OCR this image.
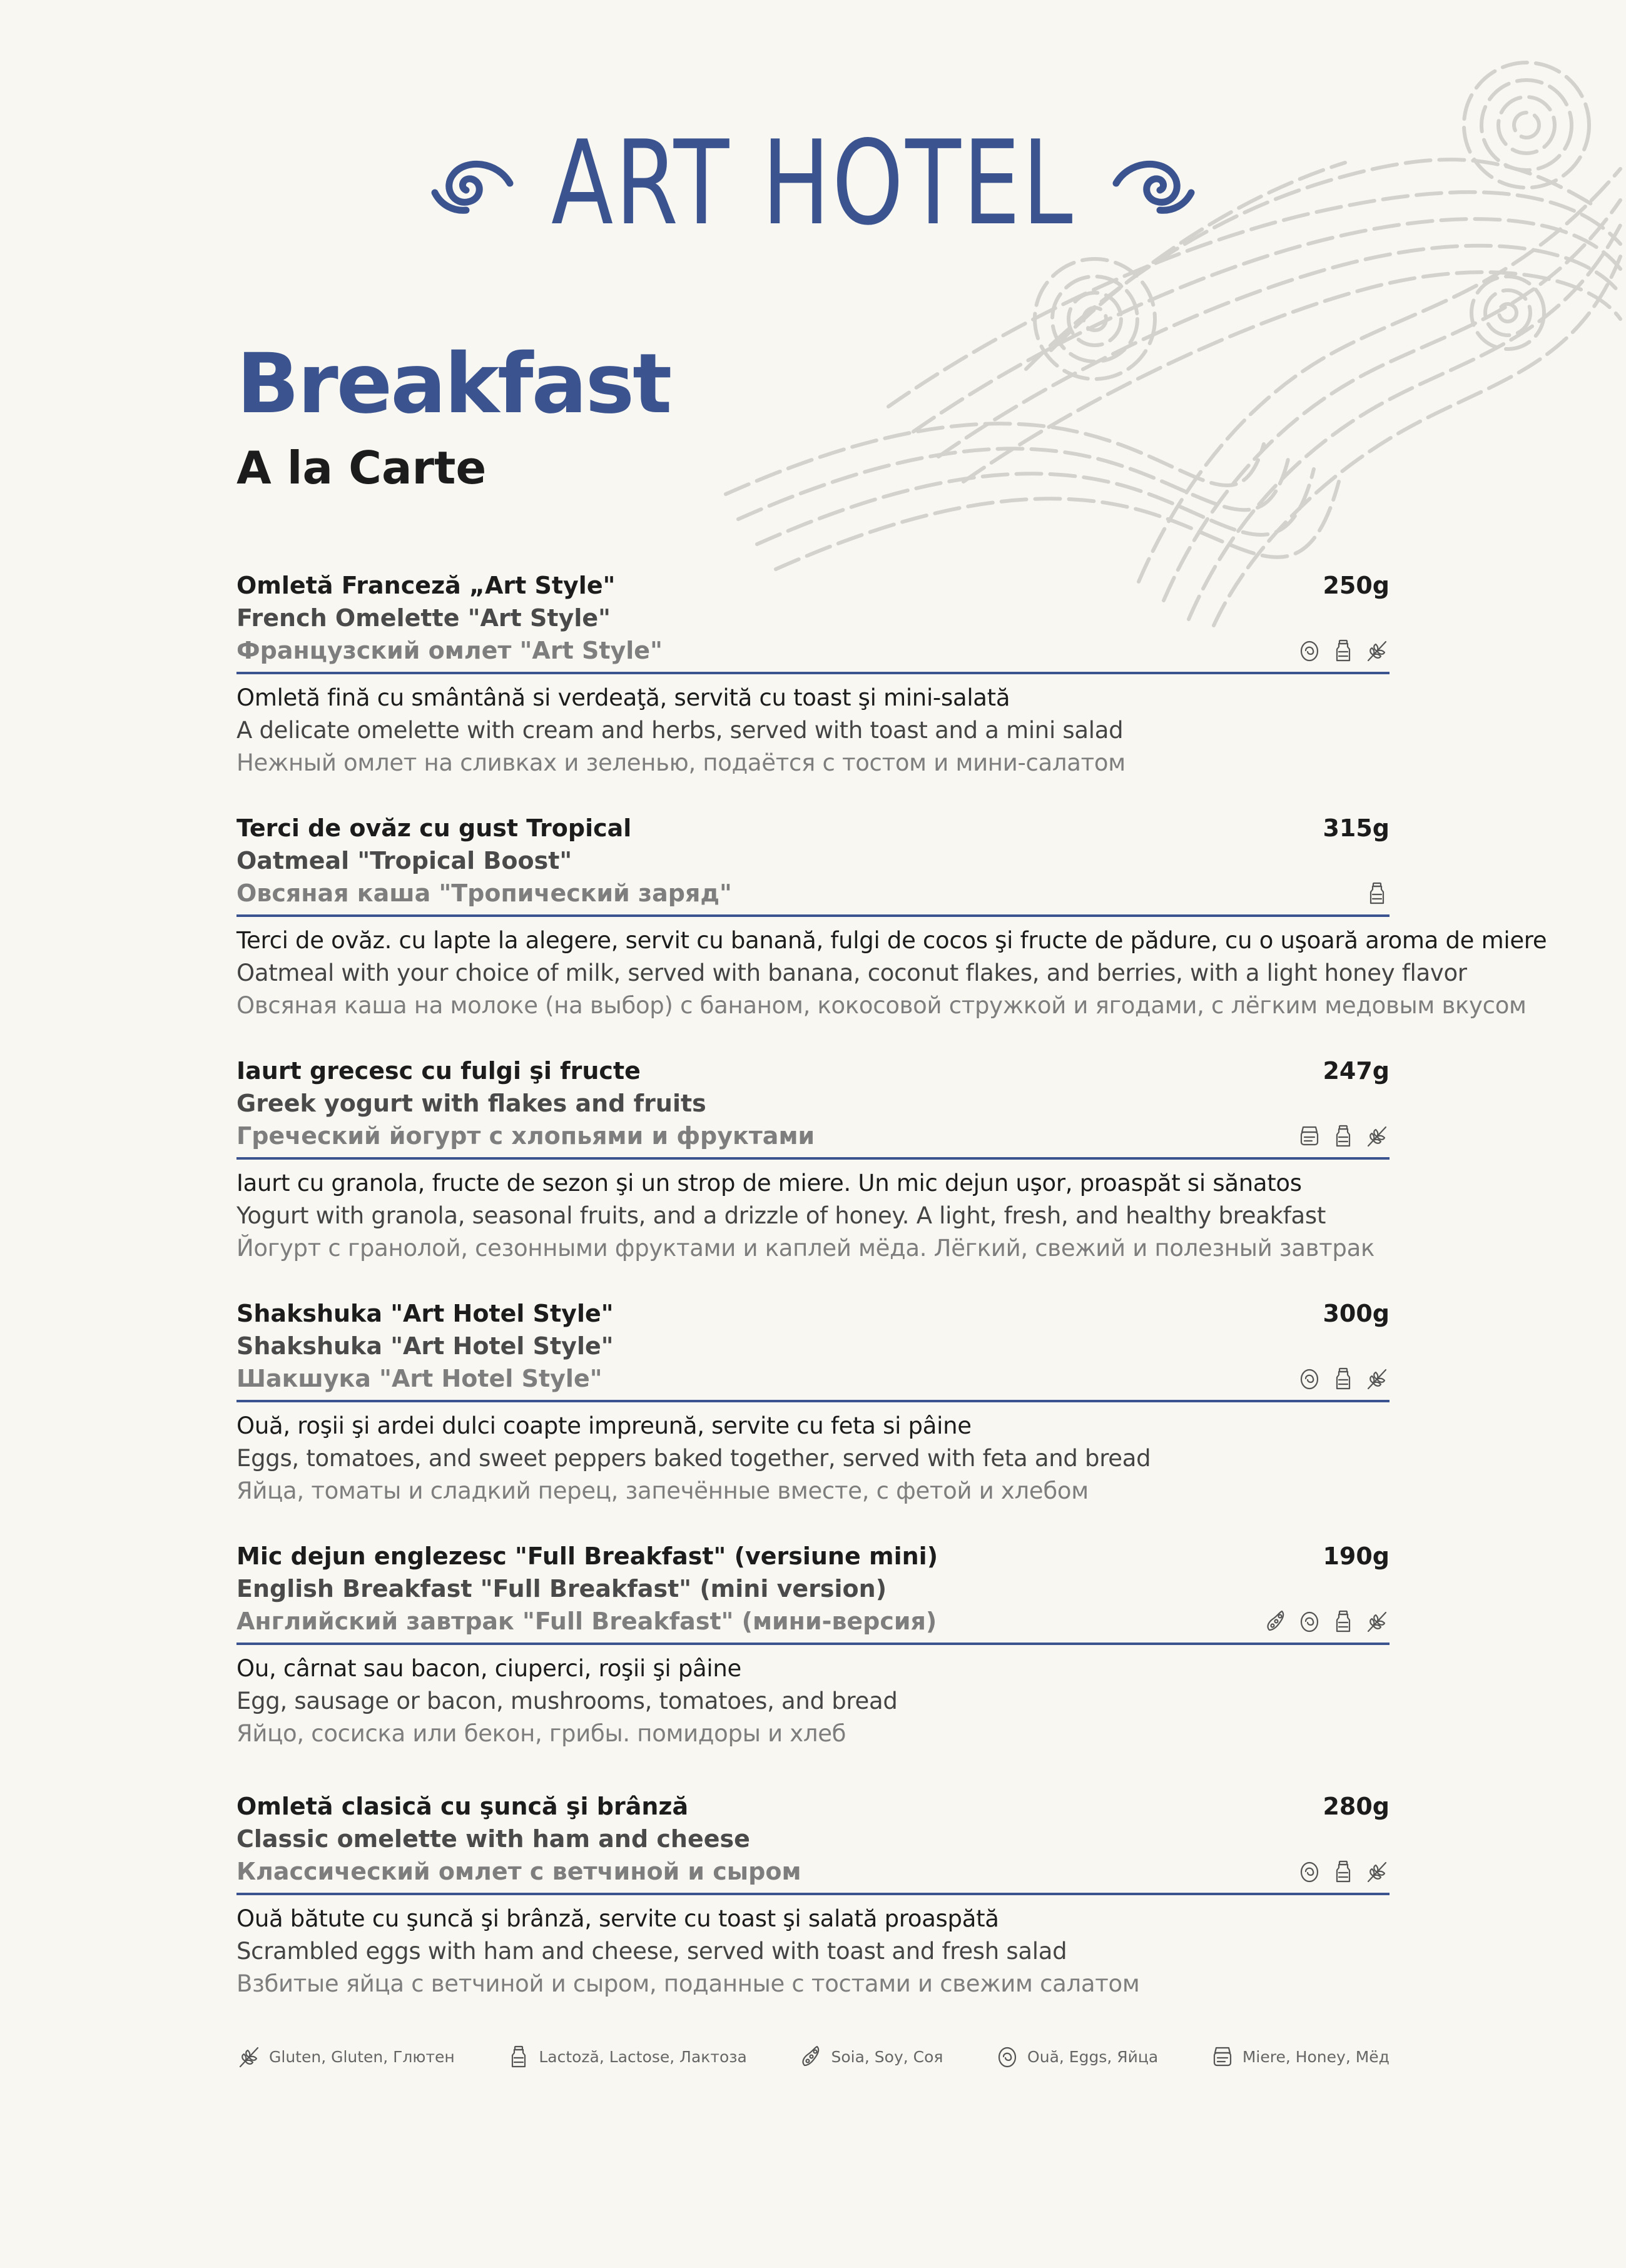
ART HOTEL
Breakfast
A la Carte
Omletă Franceză „Art Style"	250g
French Omelette "Art Style"
Французский омлет "Art Style"
Omletă fină cu smântână si verdeaţă, servită cu toast şi mini-salată
A delicate omelette with cream and herbs, served with toast and a mini salad
Нежный омлет на сливках и зеленью, подаётся с тостом и мини-салатом
Terci de ovăz cu gust Tropical	315g
Oatmeal "Tropical Boost"
Овсяная каша "Тропический заряд"
Terci de ovăz. cu lapte la alegere, servit cu banană, fulgi de cocos şi fructe de pădure, cu o uşoară aroma de miere
Oatmeal with your choice of milk, served with banana, coconut flakes, and berries, with a light honey flavor
Овсяная каша на молоке (на выбор) с бананом, кокосовой стружкой и ягодами, с лёгким медовым вкусом
Iaurt grecesc cu fulgi şi fructe	247g
Greek yogurt with flakes and fruits
Греческий йогурт с хлопьями и фруктами
Iaurt cu granola, fructe de sezon şi un strop de miere. Un mic dejun uşor, proaspăt si sănatos
Yogurt with granola, seasonal fruits, and a drizzle of honey. A light, fresh, and healthy breakfast
Йогурт с гранолой, сезонными фруктами и каплей мёда. Лёгкий, свежий и полезный завтрак
Shakshuka "Art Hotel Style"	300g
Shakshuka "Art Hotel Style"
Шакшука "Art Hotel Style"
Ouă, roşii şi ardei dulci coapte impreună, servite cu feta si pâine
Eggs, tomatoes, and sweet peppers baked together, served with feta and bread
Яйца, томаты и сладкий перец, запечённые вместе, с фетой и хлебом
Mic dejun englezesc "Full Breakfast" (versiune mini)	190g
English Breakfast "Full Breakfast" (mini version)
Английский завтрак "Full Breakfast" (мини-версия)
Ou, cârnat sau bacon, ciuperci, roşii şi pâine
Egg, sausage or bacon, mushrooms, tomatoes, and bread
Яйцо, сосиска или бекон, грибы. помидоры и хлеб
Omletă clasică cu şuncă şi brânză	280g
Classic omelette with ham and cheese
Классический омлет с ветчиной и сыром
Ouă bătute cu şuncă şi brânză, servite cu toast şi salată proaspătă
Scrambled eggs with ham and cheese, served with toast and fresh salad
Взбитые яйца с ветчиной и сыром, поданные с тостами и свежим салатом
Gluten, Gluten, Глютен	Lactoză, Lactose, Лактоза	Soia, Soy, Соя	Ouă, Eggs, Яйца	Miere, Honey, Мёд
